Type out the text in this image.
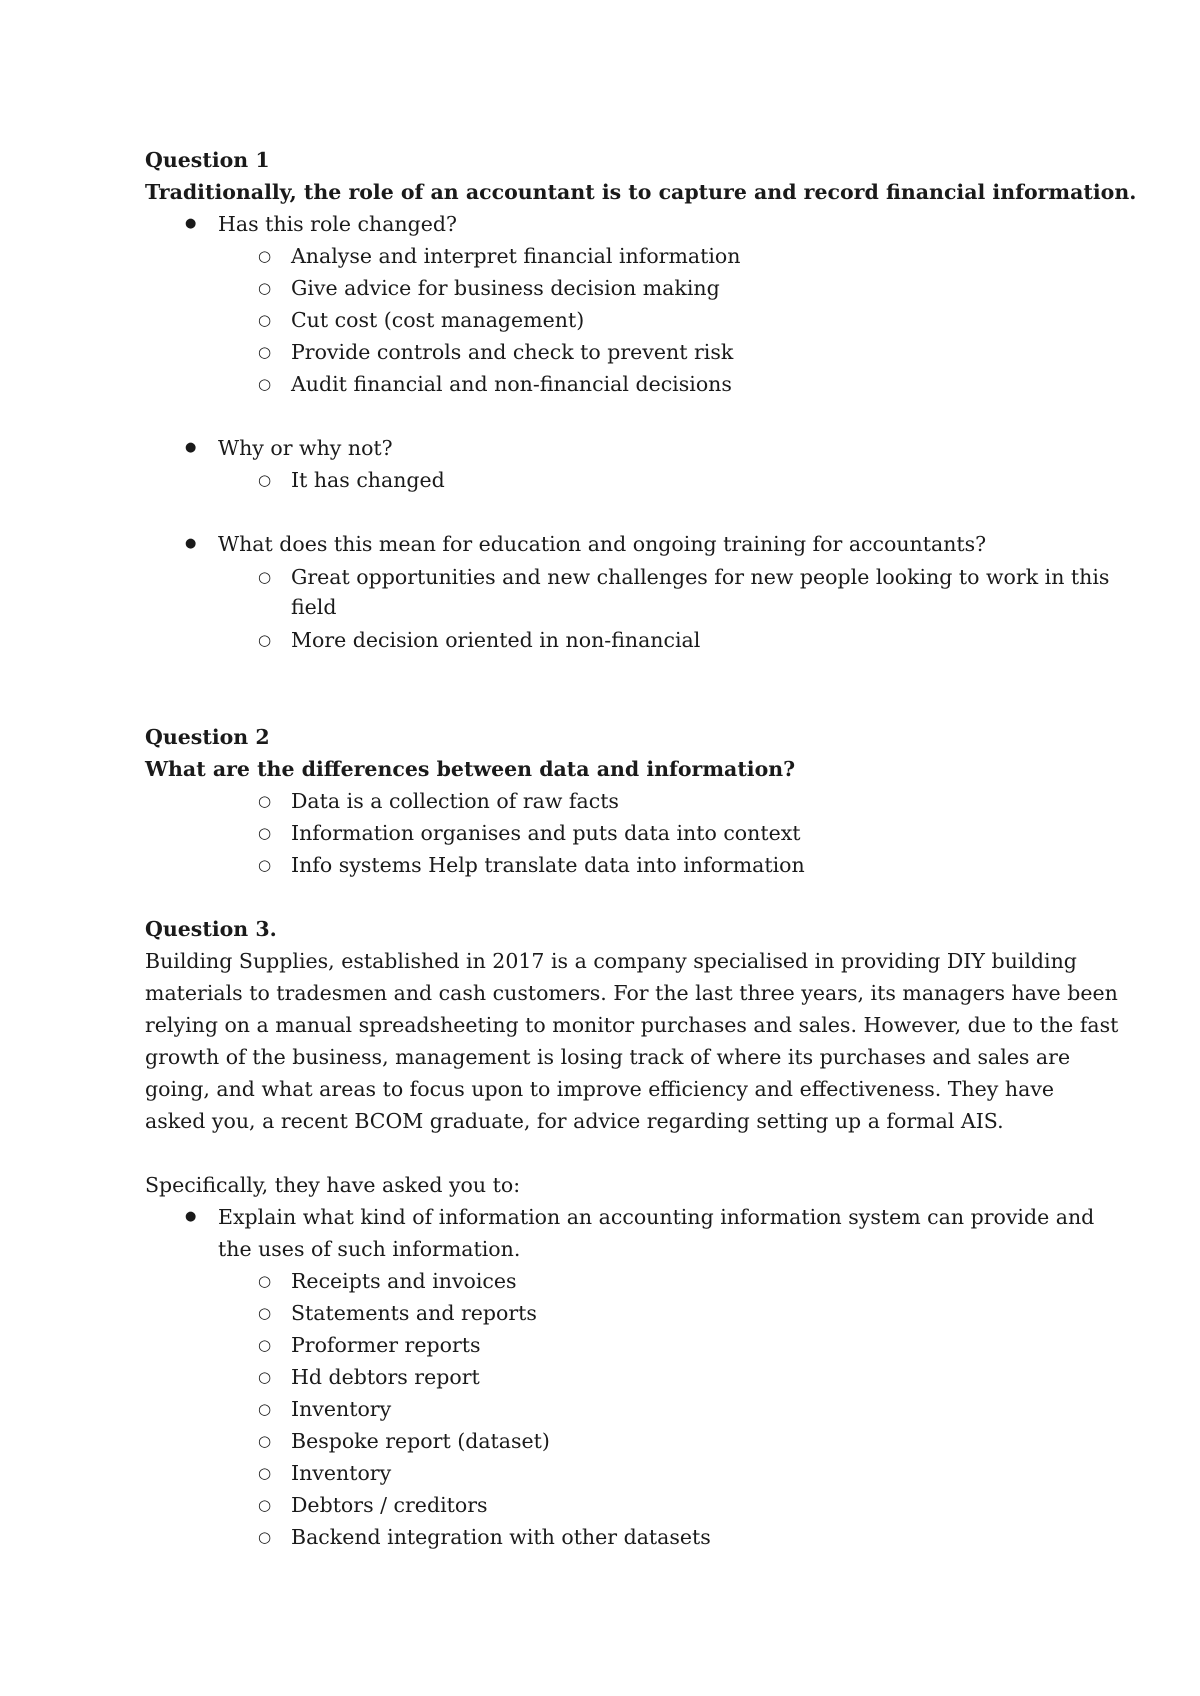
Question 1
Traditionally, the role of an accountant is to capture and record financial information.
● Has this role changed?
○ Analyse and interpret financial information
○ Give advice for business decision making
○ Cut cost (cost management)
○ Provide controls and check to prevent risk
○ Audit financial and non-financial decisions
● Why or why not?
○ It has changed
● What does this mean for education and ongoing training for accountants?
○ Great opportunities and new challenges for new people looking to work in this
field
○ More decision oriented in non-financial
Question 2
What are the differences between data and information?
○ Data is a collection of raw facts
○ Information organises and puts data into context
○ Info systems Help translate data into information
Question 3.
Building Supplies, established in 2017 is a company specialised in providing DIY building
materials to tradesmen and cash customers. For the last three years, its managers have been
relying on a manual spreadsheeting to monitor purchases and sales. However, due to the fast
growth of the business, management is losing track of where its purchases and sales are
going, and what areas to focus upon to improve efficiency and effectiveness. They have
asked you, a recent BCOM graduate, for advice regarding setting up a formal AIS.
Specifically, they have asked you to:
● Explain what kind of information an accounting information system can provide and
the uses of such information.
○ Receipts and invoices
○ Statements and reports
○ Proformer reports
○ Hd debtors report
○ Inventory
○ Bespoke report (dataset)
○ Inventory
○ Debtors / creditors
○ Backend integration with other datasets
